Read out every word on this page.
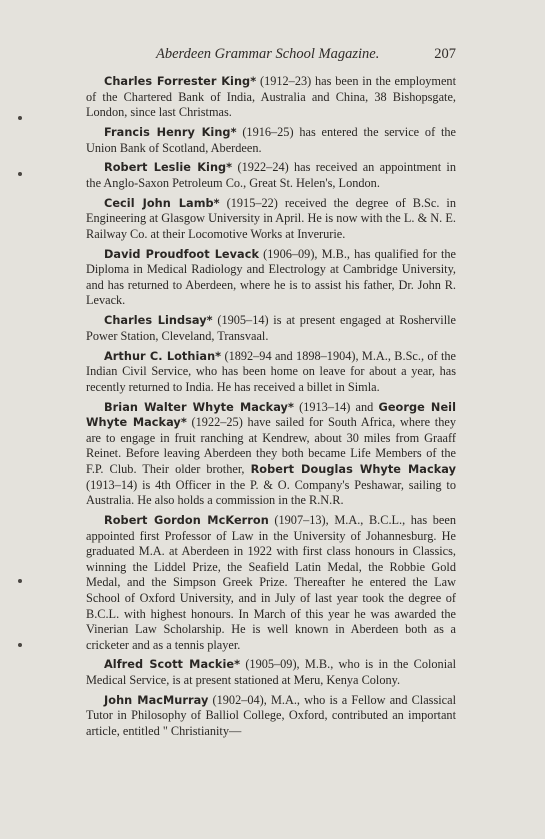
Aberdeen Grammar School Magazine.	207

Charles Forrester King* (1912–23) has been in the employment of the Chartered Bank of India, Australia and China, 38 Bishopsgate, London, since last Christmas.

Francis Henry King* (1916–25) has entered the service of the Union Bank of Scotland, Aberdeen.

Robert Leslie King* (1922–24) has received an appointment in the Anglo-Saxon Petroleum Co., Great St. Helen's, London.

Cecil John Lamb* (1915–22) received the degree of B.Sc. in Engineering at Glasgow University in April. He is now with the L. & N. E. Railway Co. at their Locomotive Works at Inverurie.

David Proudfoot Levack (1906–09), M.B., has qualified for the Diploma in Medical Radiology and Electrology at Cambridge University, and has returned to Aberdeen, where he is to assist his father, Dr. John R. Levack.

Charles Lindsay* (1905–14) is at present engaged at Rosherville Power Station, Cleveland, Transvaal.

Arthur C. Lothian* (1892–94 and 1898–1904), M.A., B.Sc., of the Indian Civil Service, who has been home on leave for about a year, has recently returned to India. He has received a billet in Simla.

Brian Walter Whyte Mackay* (1913–14) and George Neil Whyte Mackay* (1922–25) have sailed for South Africa, where they are to engage in fruit ranching at Kendrew, about 30 miles from Graaff Reinet. Before leaving Aberdeen they both became Life Members of the F.P. Club. Their older brother, Robert Douglas Whyte Mackay (1913–14) is 4th Officer in the P. & O. Company's Peshawar, sailing to Australia. He also holds a commission in the R.N.R.

Robert Gordon McKerron (1907–13), M.A., B.C.L., has been appointed first Professor of Law in the University of Johannesburg. He graduated M.A. at Aberdeen in 1922 with first class honours in Classics, winning the Liddel Prize, the Seafield Latin Medal, the Robbie Gold Medal, and the Simpson Greek Prize. Thereafter he entered the Law School of Oxford University, and in July of last year took the degree of B.C.L. with highest honours. In March of this year he was awarded the Vinerian Law Scholarship. He is well known in Aberdeen both as a cricketer and as a tennis player.

Alfred Scott Mackie* (1905–09), M.B., who is in the Colonial Medical Service, is at present stationed at Meru, Kenya Colony.

John MacMurray (1902–04), M.A., who is a Fellow and Classical Tutor in Philosophy of Balliol College, Oxford, contributed an important article, entitled " Christianity—
